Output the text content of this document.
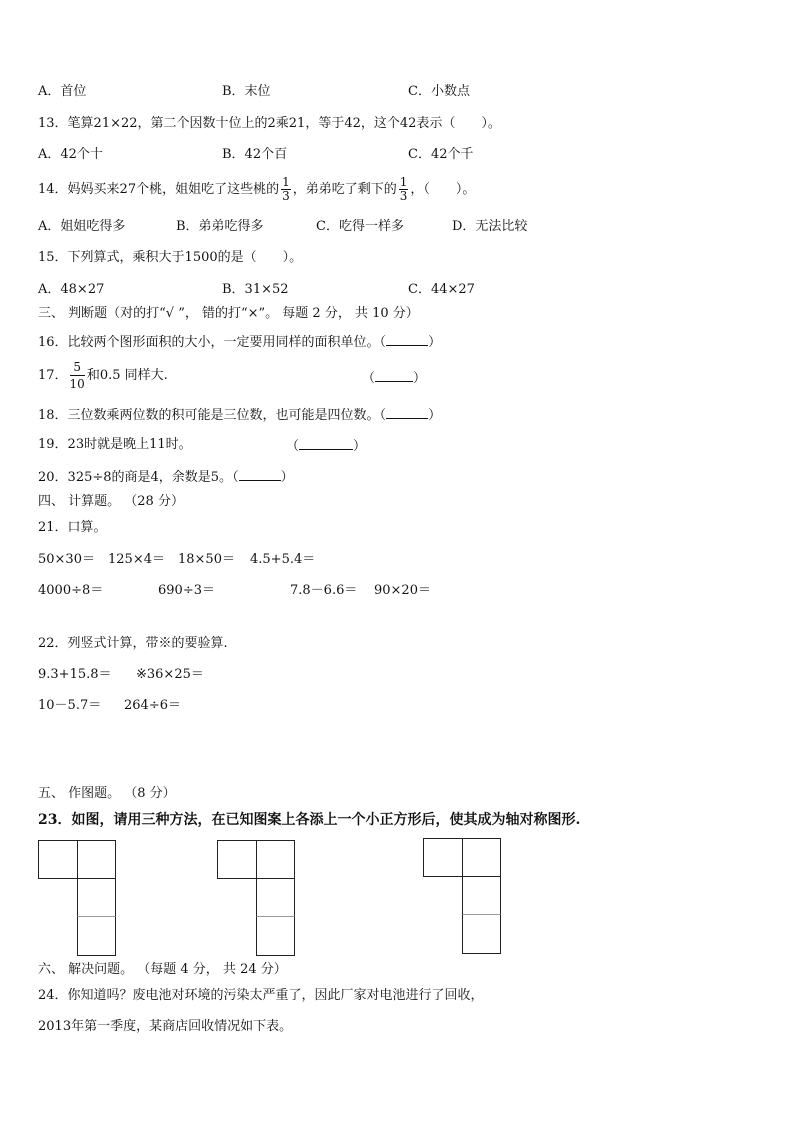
A．首位	B．末位	C．小数点
13．笔算21×22，第二个因数十位上的2乘21，等于42，这个42表示（　　）。
A．42个十	B．42个百	C．42个千
14．妈妈买来27个桃，姐姐吃了这些桃的 $\frac{1}{3}$ ，弟弟吃了剩下的 $\frac{1}{3}$ ，（　　）。
A．姐姐吃得多	B．弟弟吃得多	C．吃得一样多	D．无法比较
15．下列算式，乘积大于1500的是（　　）。
A．48×27	B．31×52	C．44×27
三、 判断题（对的打“√ ”， 错的打“×”。 每题 2 分， 共 10 分）
16．比较两个图形面积的大小，一定要用同样的面积单位。（	）
17． $\frac{5}{10}$ 和0.5 同样大.	（	）
18．三位数乘两位数的积可能是三位数，也可能是四位数。（	）
19．23时就是晚上11时。	（	）
20．325÷8的商是4，余数是5。（	）
四、 计算题。 （28 分）
21．口算。
50×30＝ 125×4＝ 18×50＝ 4.5+5.4＝
4000÷8＝	690÷3＝	7.8－6.6＝ 90×20＝
22．列竖式计算，带※的要验算.
9.3+15.8＝ ※36×25＝
10－5.7＝ 264÷6＝
五、 作图题。 （8 分）
23．如图，请用三种方法，在已知图案上各添上一个小正方形后，使其成为轴对称图形.
六、 解决问题。 （每题 4 分， 共 24 分）
24．你知道吗？废电池对环境的污染太严重了，因此厂家对电池进行了回收，
2013年第一季度，某商店回收情况如下表。
